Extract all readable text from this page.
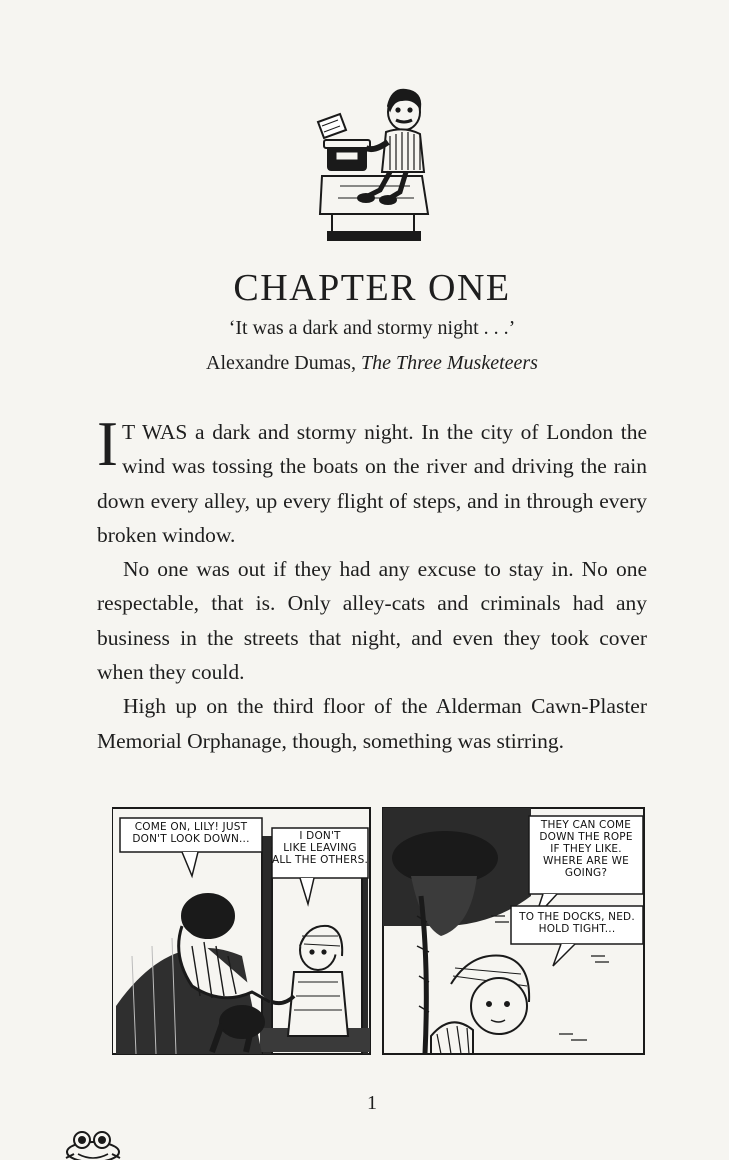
CHAPTER ONE
‘It was a dark and stormy night . . .’
Alexandre Dumas, The Three Musketeers

I T WAS a dark and stormy night. In the city of London the wind was tossing the boats on the river and driving the rain down every alley, up every flight of steps, and in through every broken window.

No one was out if they had any excuse to stay in. No one respectable, that is. Only alley-cats and criminals had any business in the streets that night, and even they took cover when they could.

High up on the third floor of the Alderman Cawn-Plaster Memorial Orphanage, though, something was stirring.

COME ON, LILY! JUST
DON'T LOOK DOWN...	I DON'T
LIKE LEAVING
ALL THE OTHERS.
THEY CAN COME
DOWN THE ROPE
IF THEY LIKE.
WHERE ARE WE
GOING?
TO THE DOCKS, NED.
HOLD TIGHT...
1
